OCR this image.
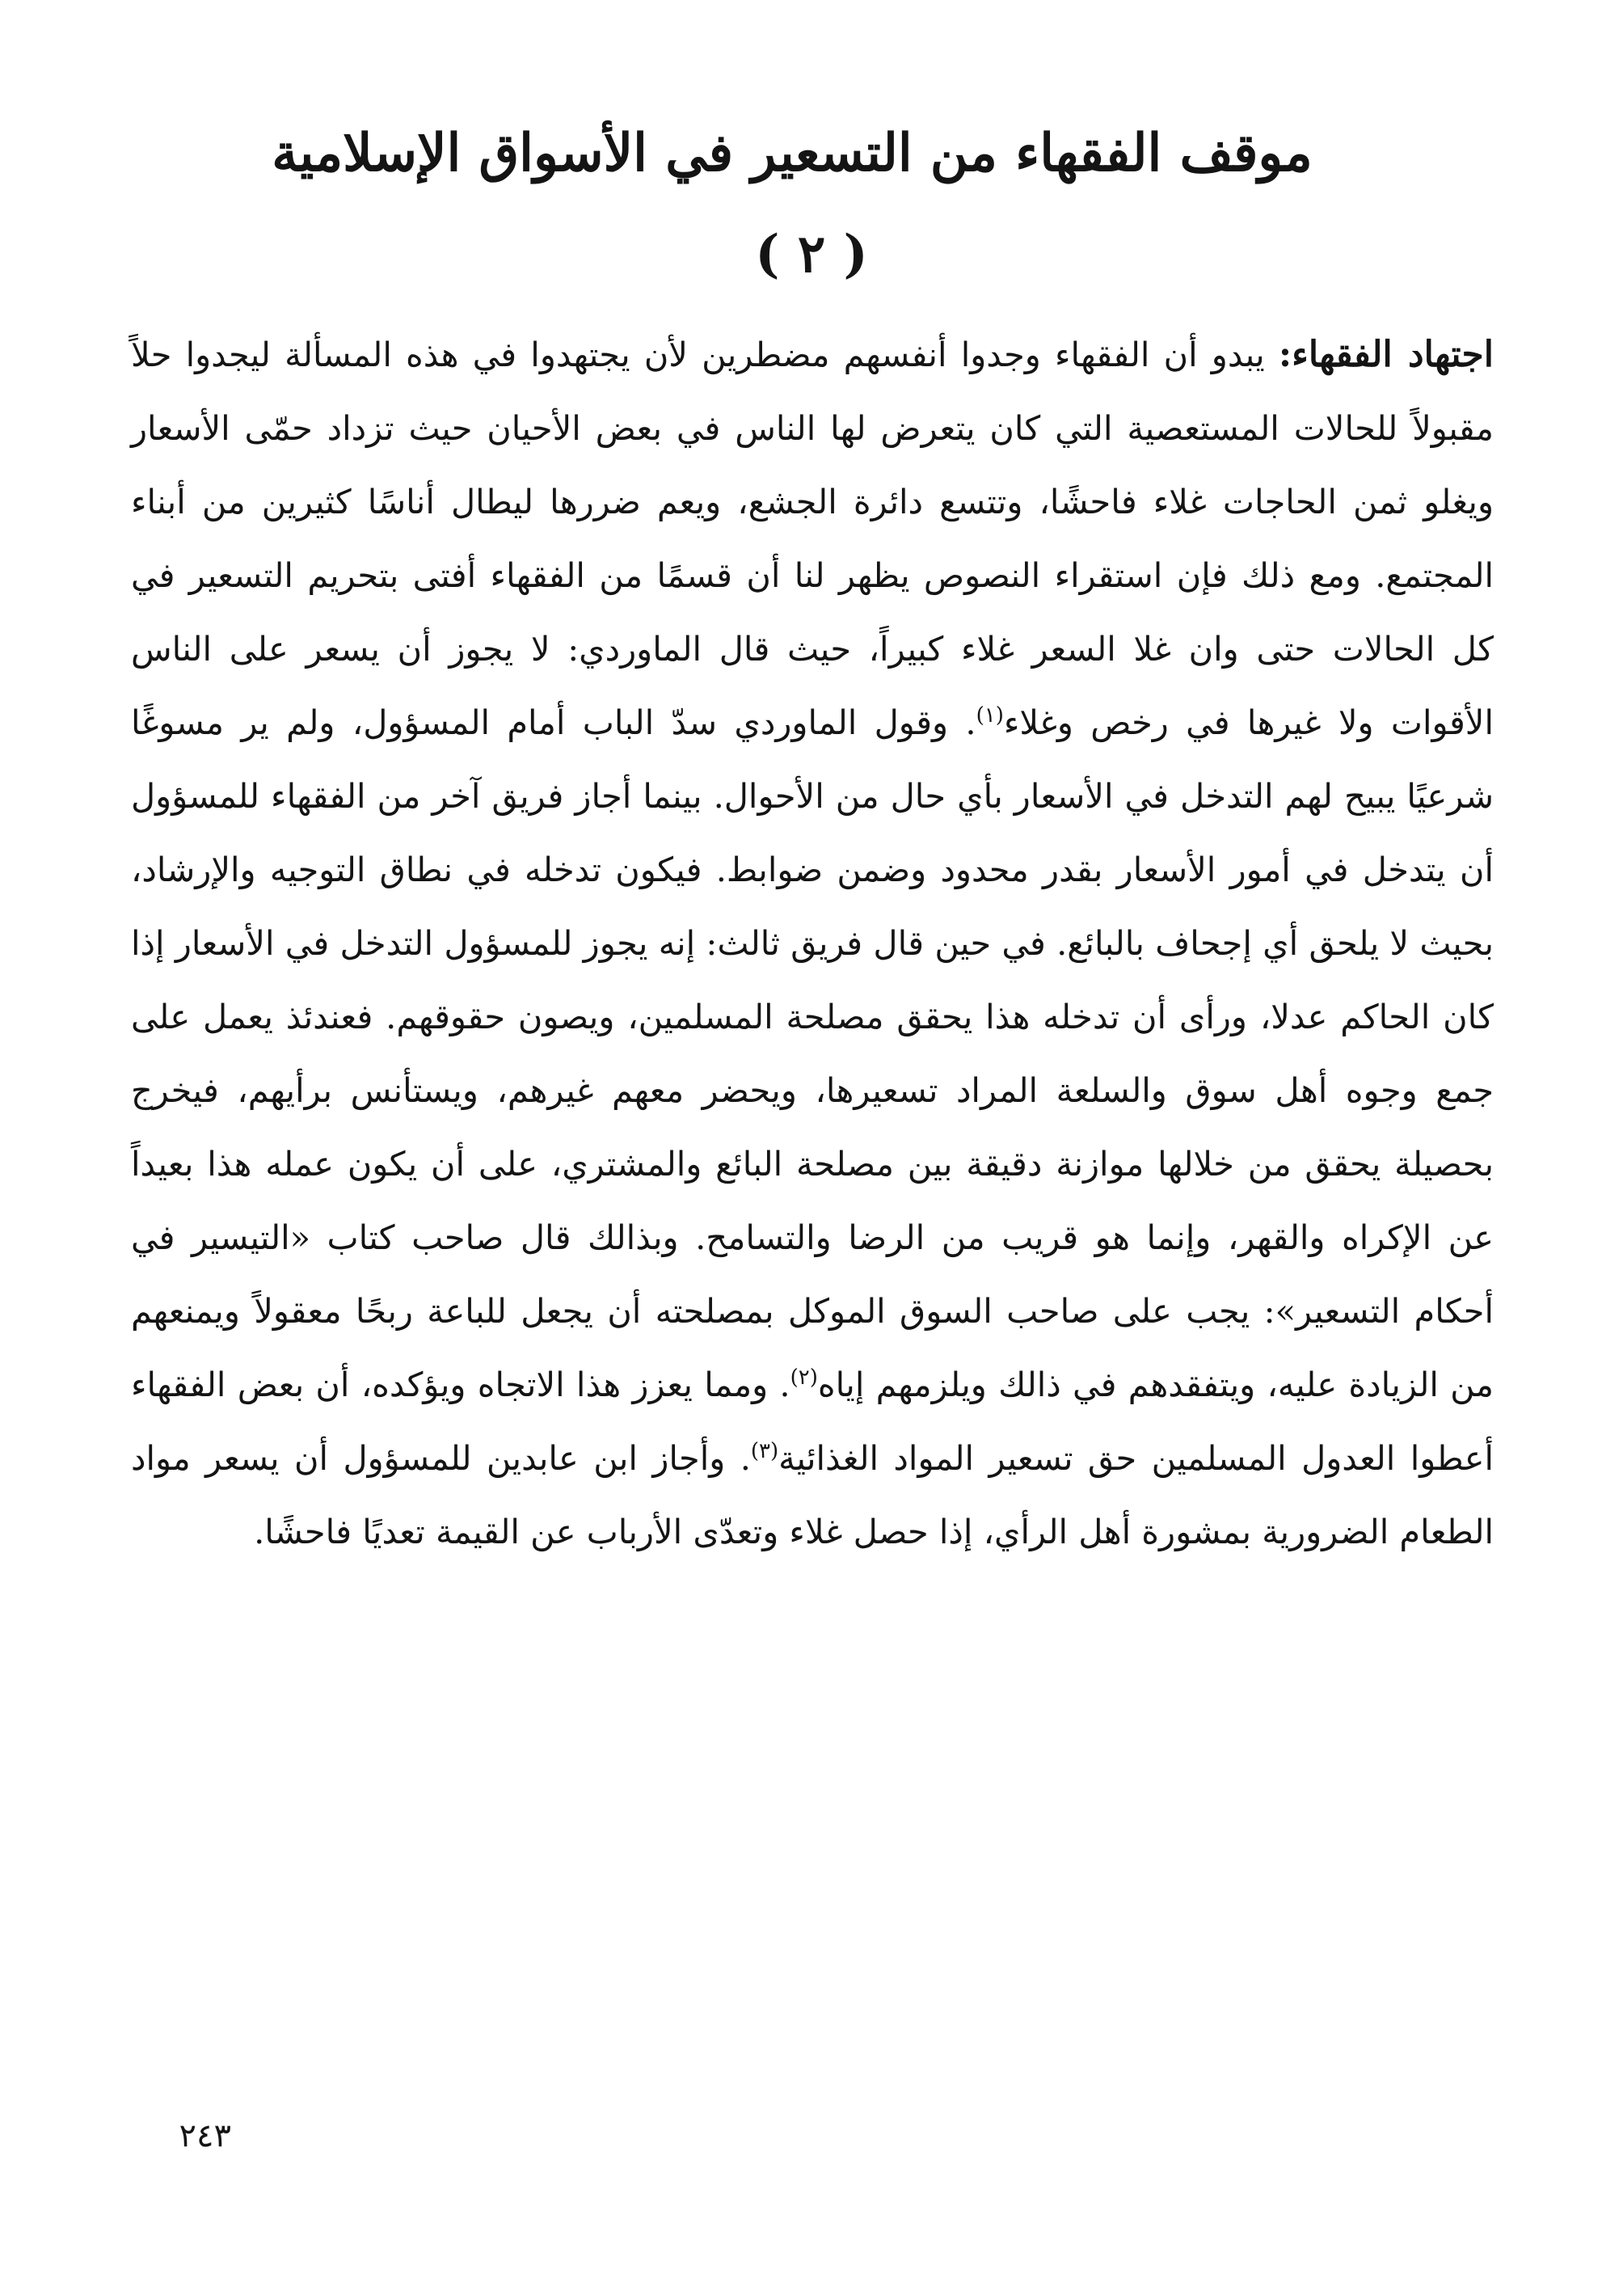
موقف الفقهاء من التسعير في الأسواق الإسلامية
( ٢ )

اجتهاد الفقهاء: يبدو أن الفقهاء وجدوا أنفسهم مضطرين لأن يجتهدوا في هذه المسألة ليجدوا حلاً مقبولاً للحالات المستعصية التي كان يتعرض لها الناس في بعض الأحيان حيث تزداد حمّى الأسعار ويغلو ثمن الحاجات غلاء فاحشًا، وتتسع دائرة الجشع، ويعم ضررها ليطال أناسًا كثيرين من أبناء المجتمع. ومع ذلك فإن استقراء النصوص يظهر لنا أن قسمًا من الفقهاء أفتى بتحريم التسعير في كل الحالات حتى وان غلا السعر غلاء كبيراً، حيث قال الماوردي: لا يجوز أن يسعر على الناس الأقوات ولا غيرها في رخص وغلاء$^{(١)}$. وقول الماوردي سدّ الباب أمام المسؤول، ولم ير مسوغًا شرعيًا يبيح لهم التدخل في الأسعار بأي حال من الأحوال. بينما أجاز فريق آخر من الفقهاء للمسؤول أن يتدخل في أمور الأسعار بقدر محدود وضمن ضوابط. فيكون تدخله في نطاق التوجيه والإرشاد، بحيث لا يلحق أي إجحاف بالبائع. في حين قال فريق ثالث: إنه يجوز للمسؤول التدخل في الأسعار إذا كان الحاكم عدلا، ورأى أن تدخله هذا يحقق مصلحة المسلمين، ويصون حقوقهم. فعندئذ يعمل على جمع وجوه أهل سوق والسلعة المراد تسعيرها، ويحضر معهم غيرهم، ويستأنس برأيهم، فيخرج بحصيلة يحقق من خلالها موازنة دقيقة بين مصلحة البائع والمشتري، على أن يكون عمله هذا بعيداً عن الإكراه والقهر، وإنما هو قريب من الرضا والتسامح. وبذالك قال صاحب كتاب «التيسير في أحكام التسعير»: يجب على صاحب السوق الموكل بمصلحته أن يجعل للباعة ربحًا معقولاً ويمنعهم من الزيادة عليه، ويتفقدهم في ذالك ويلزمهم إياه$^{(٢)}$. ومما يعزز هذا الاتجاه ويؤكده، أن بعض الفقهاء أعطوا العدول المسلمين حق تسعير المواد الغذائية$^{(٣)}$. وأجاز ابن عابدين للمسؤول أن يسعر مواد الطعام الضرورية بمشورة أهل الرأي، إذا حصل غلاء وتعدّى الأرباب عن القيمة تعديًا فاحشًا.

٢٤٣
